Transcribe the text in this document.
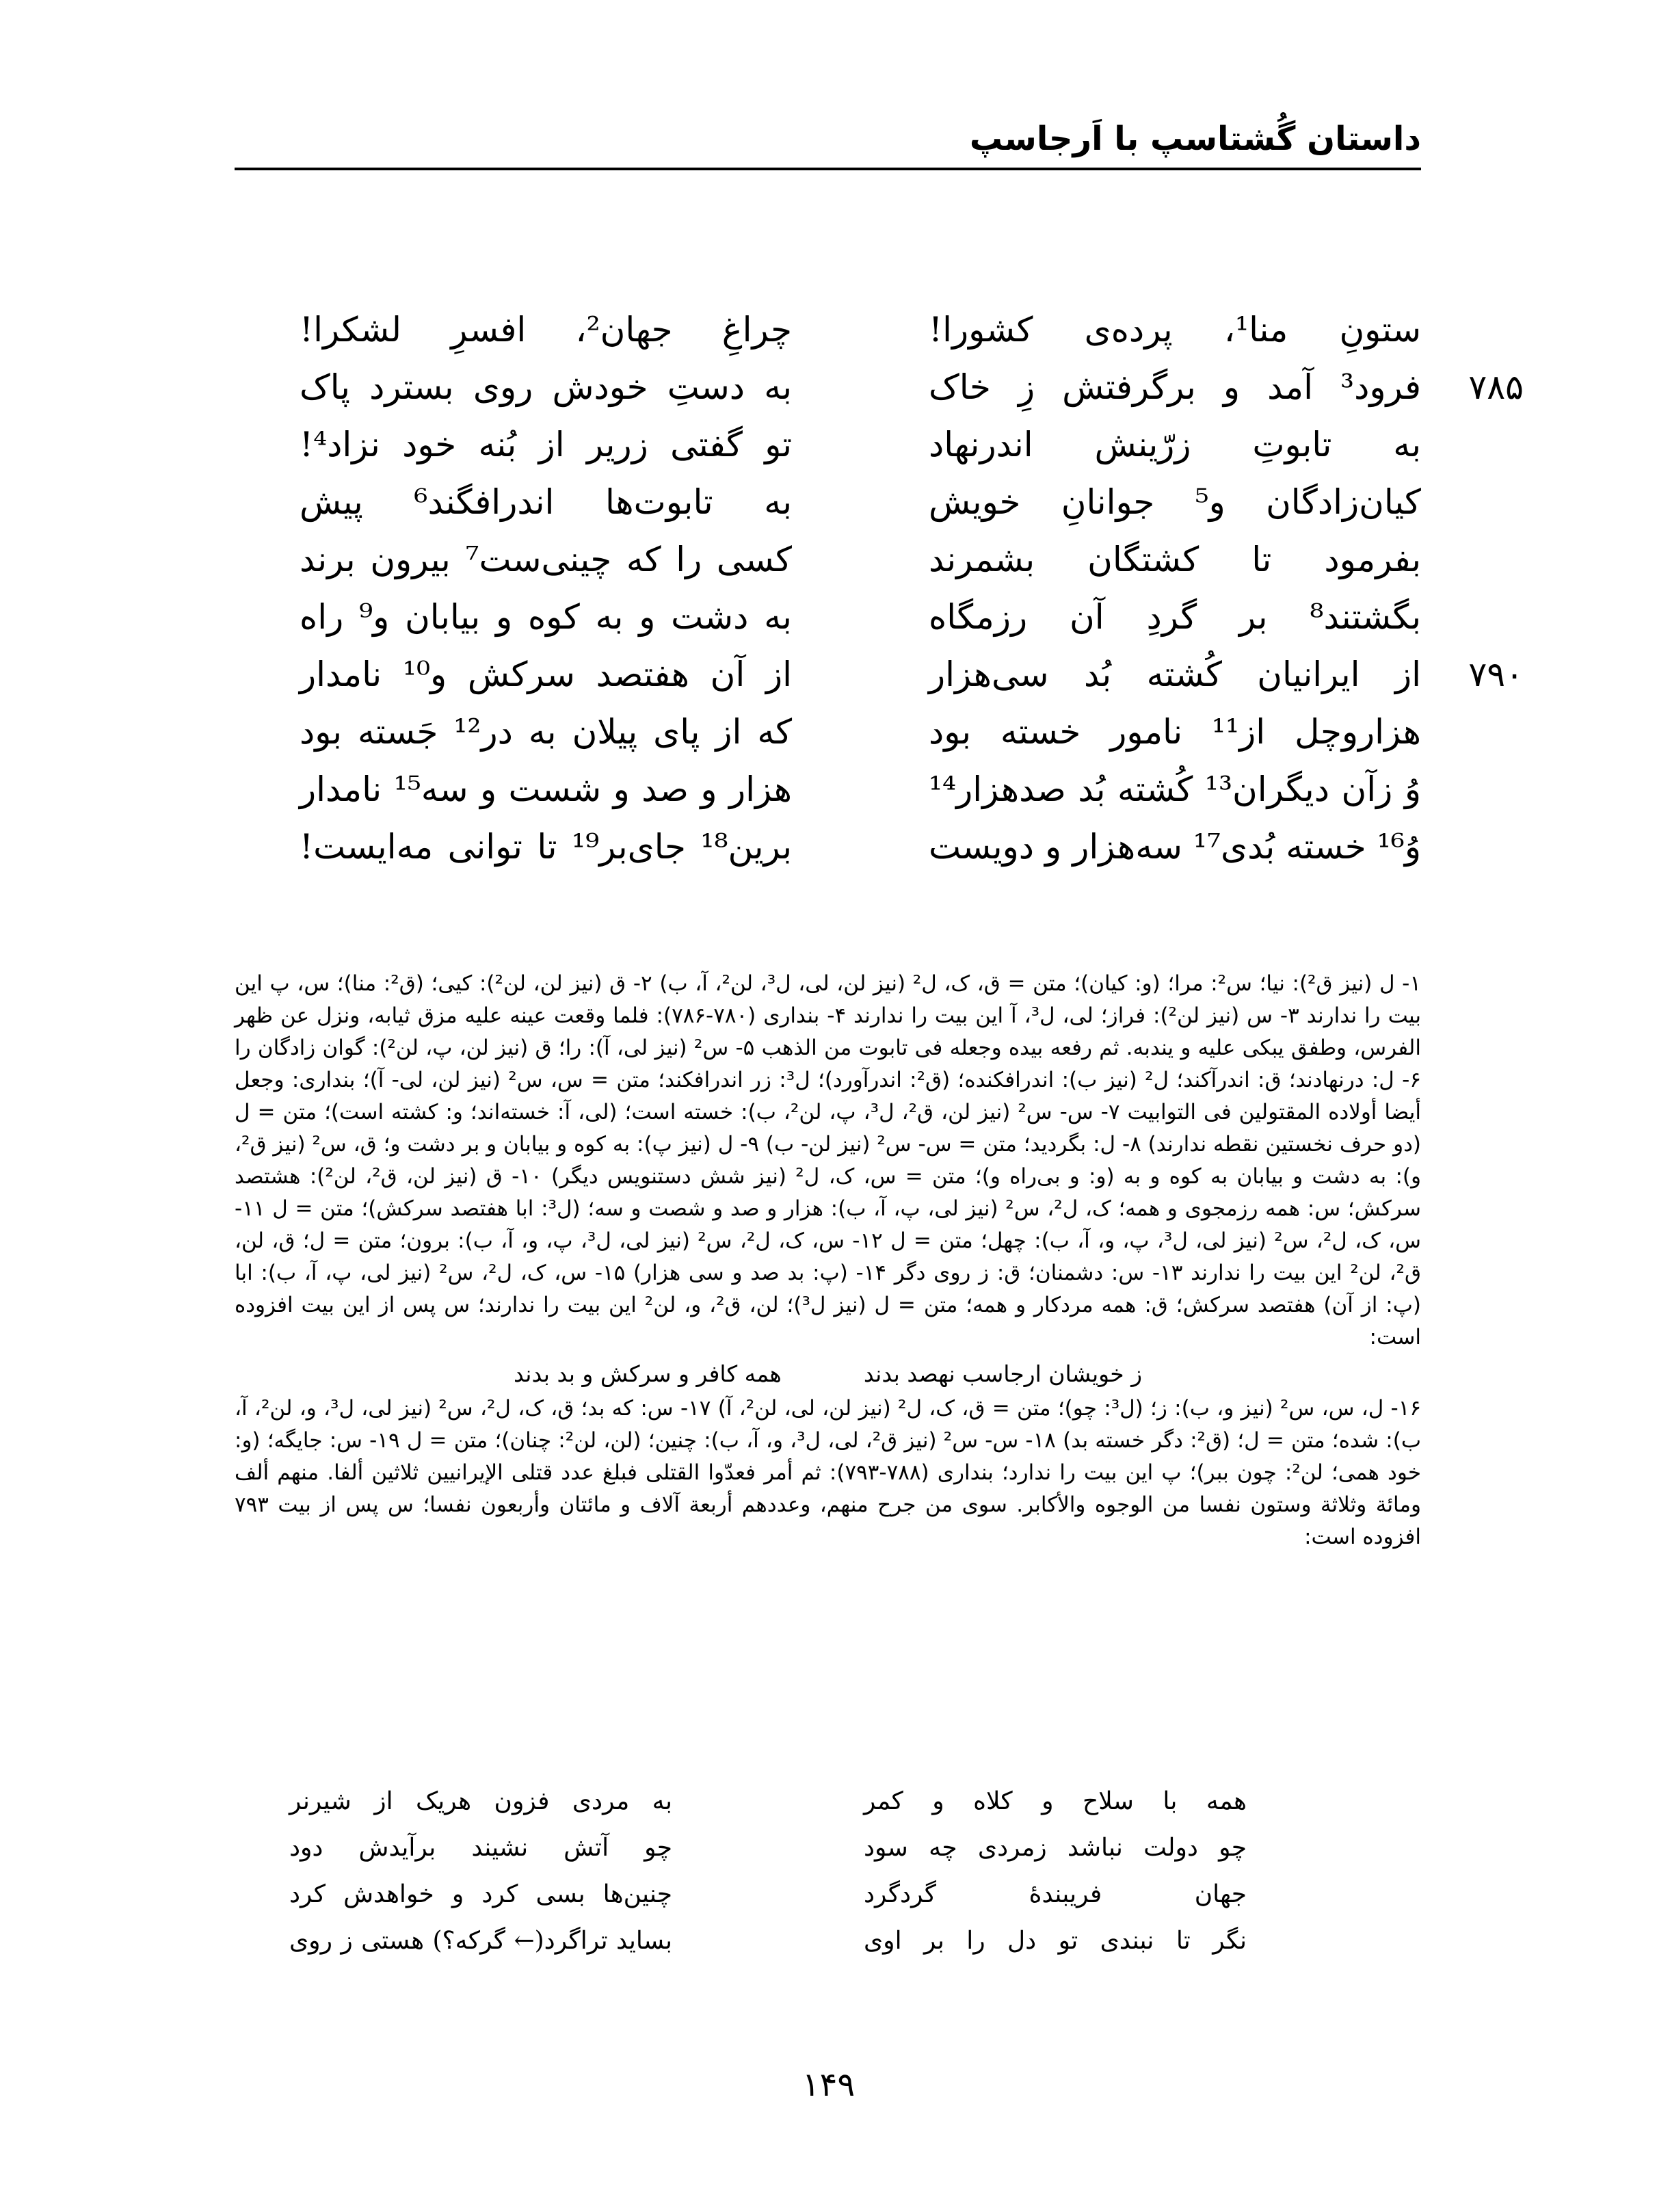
داستان گُشتاسپ با اَرجاسپ
ستونِ منا¹، پرده‌ی کشورا!
۷۸۵
فرود³ آمد و برگرفتش زِ خاک
به تابوتِ زرّینش اندرنهاد
کیان‌زادگان و⁵ جوانانِ خویش
بفرمود تا کشتگان بشمرند
بگشتند⁸ بر گردِ آن رزمگاه
۷۹۰
از ایرانیان کُشته بُد سی‌هزار
هزاروچل از¹¹ نامور خسته بود
وُ زآن دیگران¹³ کُشته بُد صدهزار¹⁴
وُ¹⁶ خسته بُدی¹⁷ سه‌هزار و دویست
چراغِ جهان²، افسرِ لشکرا!
به دستِ خودش روی بسترد پاک
تو گفتی زریر از بُنه خود نزاد⁴!
به تابوت‌ها اندرافگند⁶ پیش
کسی را که چینی‌ست⁷ بیرون برند
به دشت و به کوه و بیابان و⁹ راه
از آن هفتصد سرکش و¹⁰ نامدار
که از پای پیلان به در¹² جَسته بود
هزار و صد و شست و سه¹⁵ نامدار
برین¹⁸ جای‌بر¹⁹ تا توانی مه‌ایست!

۱- ل (نیز ق²): نیا؛ س²: مرا؛ (و: کیان)؛ متن = ق، ک، ل² (نیز لن، لی، ل³، لن²، آ، ب) ۲- ق (نیز لن، لن²): کیی؛ (ق²: منا)؛ س، پ این بیت را ندارند ۳- س (نیز لن²): فراز؛ لی، ل³، آ این بیت را ندارند ۴- بنداری (۷۸۰-۷۸۶): فلما وقعت عینه علیه مزق ثیابه، ونزل عن ظهر الفرس، وطفق یبکی علیه و یندبه. ثم رفعه بیده وجعله فی تابوت من الذهب ۵- س² (نیز لی، آ): را؛ ق (نیز لن، پ، لن²): گوان زادگان را ۶- ل: درنهادند؛ ق: اندرآکند؛ ل² (نیز ب): اندرافکنده؛ (ق²: اندرآورد)؛ ل³: زر اندرافکند؛ متن = س، س² (نیز لن، لی- آ)؛ بنداری: وجعل أیضا أولاده المقتولین فی التوابیت ۷- س- س² (نیز لن، ق²، ل³، پ، لن²، ب): خسته است؛ (لی، آ: خسته‌اند؛ و: کشته است)؛ متن = ل (دو حرف نخستین نقطه ندارند) ۸- ل: بگردید؛ متن = س- س² (نیز لن- ب) ۹- ل (نیز پ): به کوه و بیابان و بر دشت و؛ ق، س² (نیز ق²، و): به دشت و بیابان به کوه و به (و: و بی‌راه و)؛ متن = س، ک، ل² (نیز شش دستنویس دیگر) ۱۰- ق (نیز لن، ق²، لن²): هشتصد سرکش؛ س: همه رزمجوی و همه؛ ک، ل²، س² (نیز لی، پ، آ، ب): هزار و صد و شصت و سه؛ (ل³: ابا هفتصد سرکش)؛ متن = ل ۱۱- س، ک، ل²، س² (نیز لی، ل³، پ، و، آ، ب): چهل؛ متن = ل ۱۲- س، ک، ل²، س² (نیز لی، ل³، پ، و، آ، ب): برون؛ متن = ل؛ ق، لن، ق²، لن² این بیت را ندارند ۱۳- س: دشمنان؛ ق: ز روی دگر ۱۴- (پ: بد صد و سی هزار) ۱۵- س، ک، ل²، س² (نیز لی، پ، آ، ب): ابا (پ: از آن) هفتصد سرکش؛ ق: همه مردکار و همه؛ متن = ل (نیز ل³)؛ لن، ق²، و، لن² این بیت را ندارند؛ س پس از این بیت افزوده است:

ز خویشان ارجاسب نهصد بدند
همه کافر و سرکش و بد بدند

۱۶- ل، س، س² (نیز و، ب): ز؛ (ل³: چو)؛ متن = ق، ک، ل² (نیز لن، لی، لن²، آ) ۱۷- س: که بد؛ ق، ک، ل²، س² (نیز لی، ل³، و، لن²، آ، ب): شده؛ متن = ل؛ (ق²: دگر خسته بد) ۱۸- س- س² (نیز ق²، لی، ل³، و، آ، ب): چنین؛ (لن، لن²: چنان)؛ متن = ل ۱۹- س: جایگه؛ (و: خود همی؛ لن²: چون ببر)؛ پ این بیت را ندارد؛ بنداری (۷۸۸-۷۹۳): ثم أمر فعدّوا القتلی فبلغ عدد قتلی الإیرانیین ثلاثین ألفا. منهم ألف ومائة وثلاثة وستون نفسا من الوجوه والأکابر. سوی من جرح منهم، وعددهم أربعة آلاف و مائتان وأربعون نفسا؛ س پس از بیت ۷۹۳ افزوده است:

همه با سلاح و کلاه و کمر
به مردی فزون هریک از شیرنر
چو دولت نباشد زمردی چه سود
چو آتش نشیند برآیدش دود
جهان فریبندهٔ گردگرد
چنین‌ها بسی کرد و خواهدش کرد
نگر تا نبندی تو دل را بر اوی
بساید تراگرد(← گرکه؟) هستی ز روی
۱۴۹
